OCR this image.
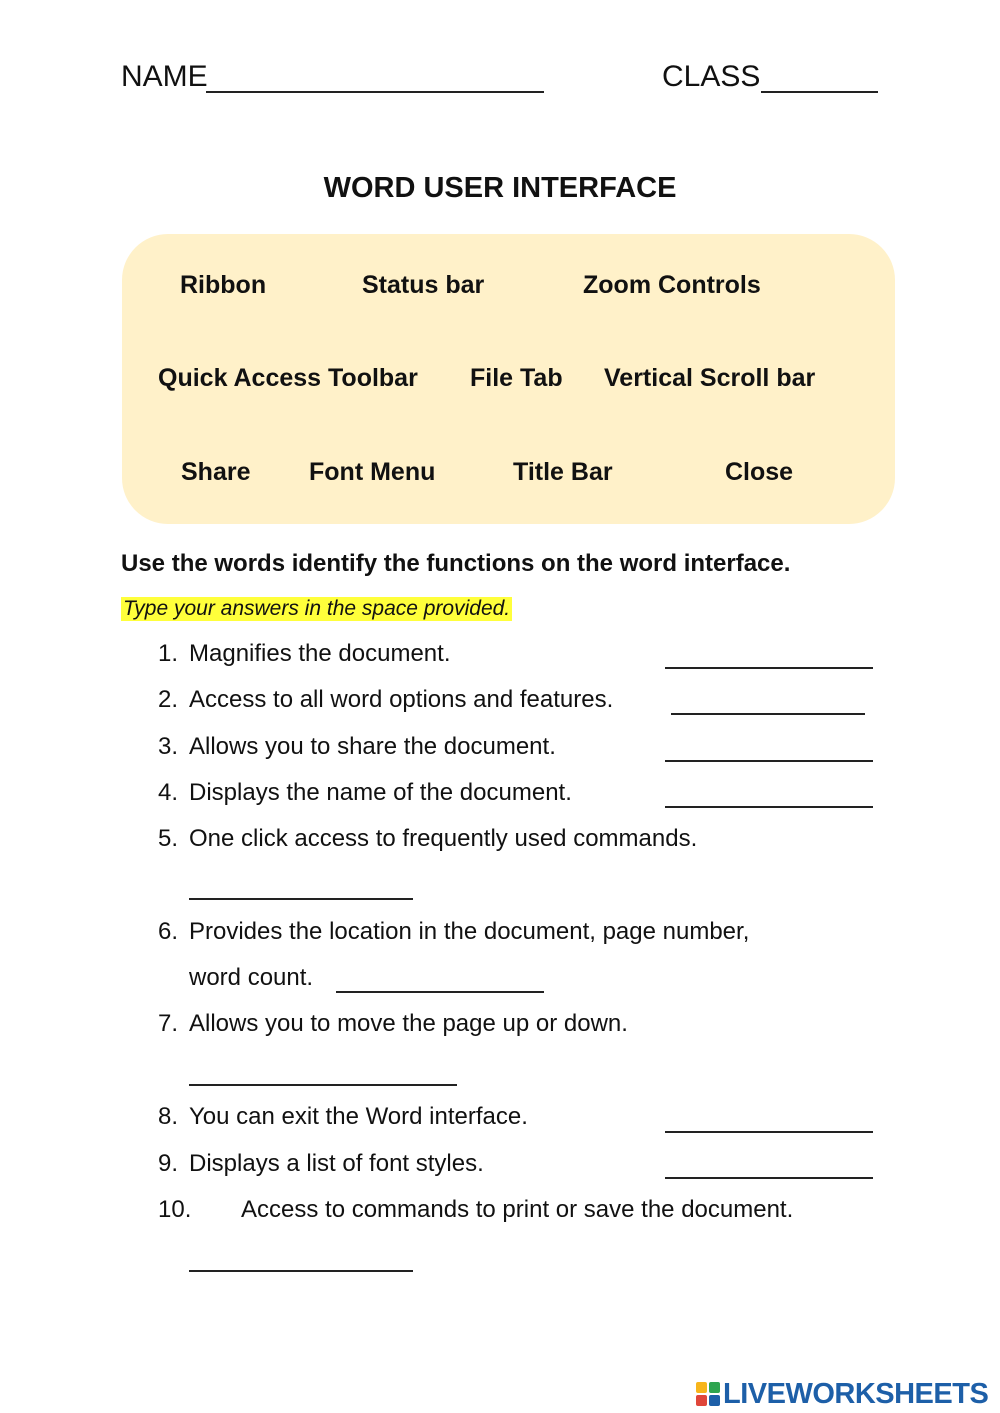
NAME	CLASS
WORD USER INTERFACE
Ribbon	Status bar	Zoom Controls
Quick Access Toolbar File Tab Vertical Scroll bar
Share Font Menu	Title Bar	Close
Use the words identify the functions on the word interface.
Type your answers in the space provided.
1. Magnifies the document.
2. Access to all word options and features.
3. Allows you to share the document.
4. Displays the name of the document.
5. One click access to frequently used commands.
6. Provides the location in the document, page number,
word count.
7. Allows you to move the page up or down.
8. You can exit the Word interface.
9. Displays a list of font styles.
10. Access to commands to print or save the document.
LIVEWORKSHEETS
